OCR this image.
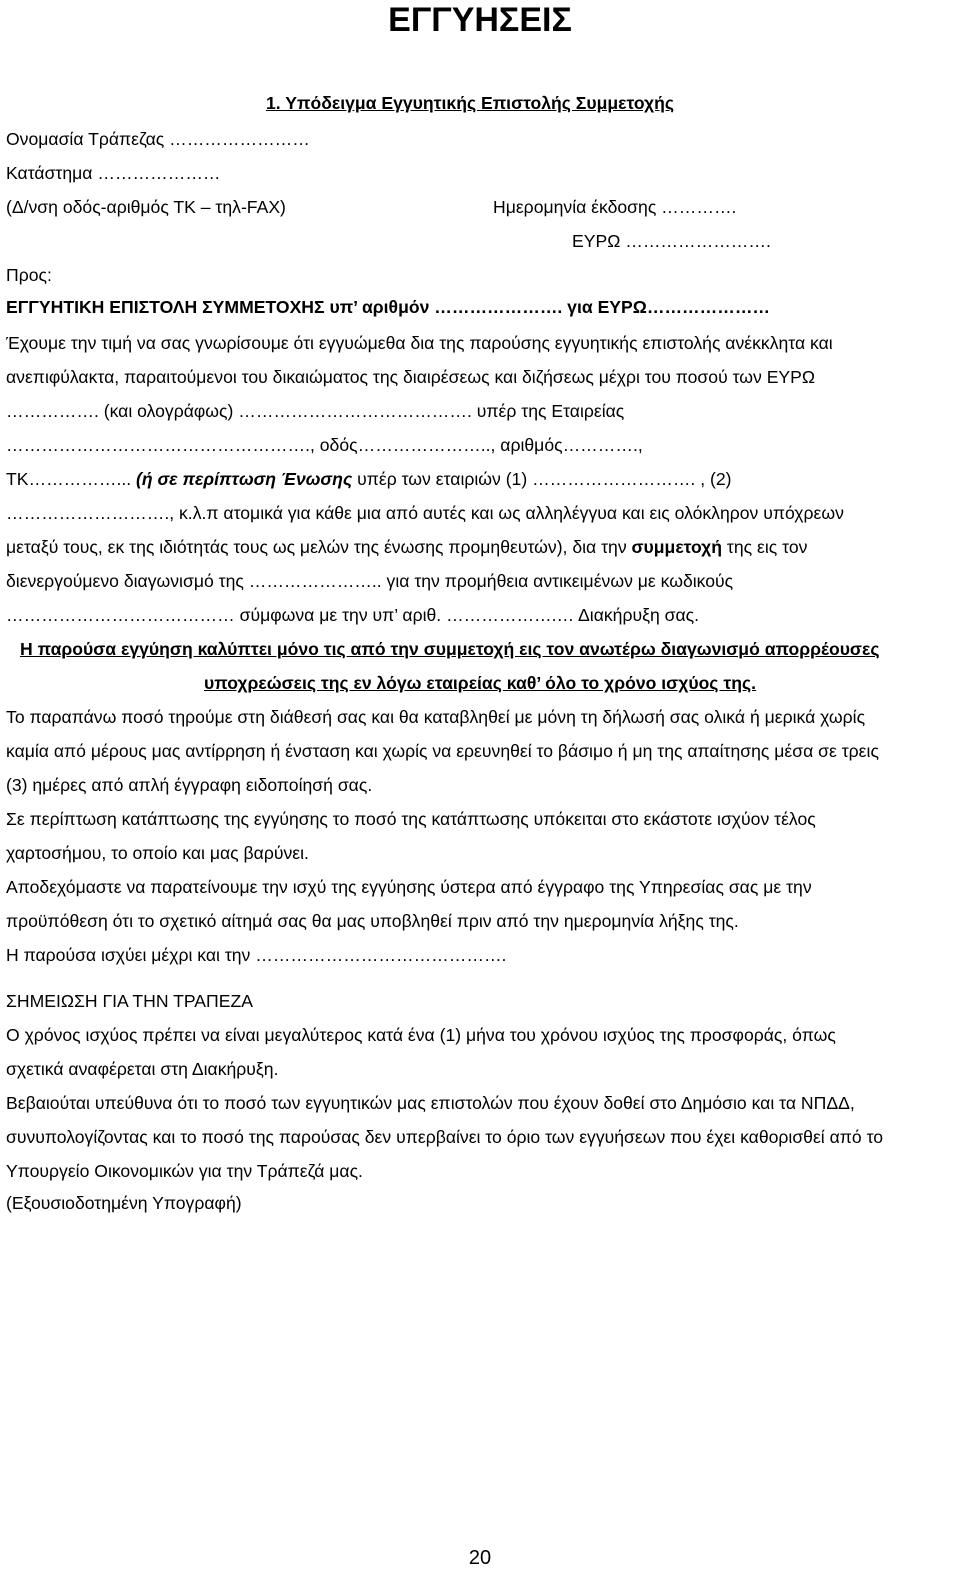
ΕΓΓΥΗΣΕΙΣ
1. Υπόδειγμα Εγγυητικής Επιστολής Συμμετοχής
Ονομασία Τράπεζας ……………………
Κατάστημα …………………
(Δ/νση οδός-αριθμός ΤΚ – τηλ-FAX)	Ημερομηνία έκδοσης ………….
ΕΥΡΩ …………………….
Προς:
ΕΓΓΥΗΤΙΚΗ ΕΠΙΣΤΟΛΗ ΣΥΜΜΕΤΟΧΗΣ υπ’ αριθμόν …………………. για ΕΥΡΩ…………………
Έχουμε την τιμή να σας γνωρίσουμε ότι εγγυώμεθα δια της παρούσης εγγυητικής επιστολής ανέκκλητα και
ανεπιφύλακτα, παραιτούμενοι του δικαιώματος της διαιρέσεως και διζήσεως μέχρι του ποσού των ΕΥΡΩ
……………. (και ολογράφως) …………………………………. υπέρ της Εταιρείας
……………………………………………., οδός………………….., αριθμός………….,
ΤΚ……………... (ή σε περίπτωση Ένωσης υπέρ των εταιριών (1) ………………………. , (2)
………………………., κ.λ.π ατομικά για κάθε μια από αυτές και ως αλληλέγγυα και εις ολόκληρον υπόχρεων
μεταξύ τους, εκ της ιδιότητάς τους ως μελών της ένωσης προμηθευτών), δια την συμμετοχή της εις τον
διενεργούμενο διαγωνισμό της ………………….. για την προμήθεια αντικειμένων με κωδικούς
………………………………… σύμφωνα με την υπ’ αριθ. ……………….… Διακήρυξη σας.
Η παρούσα εγγύηση καλύπτει μόνο τις από την συμμετοχή εις τον ανωτέρω διαγωνισμό απορρέουσες
υποχρεώσεις της εν λόγω εταιρείας καθ’ όλο το χρόνο ισχύος της.
Το παραπάνω ποσό τηρούμε στη διάθεσή σας και θα καταβληθεί με μόνη τη δήλωσή σας ολικά ή μερικά χωρίς
καμία από μέρους μας αντίρρηση ή ένσταση και χωρίς να ερευνηθεί το βάσιμο ή μη της απαίτησης μέσα σε τρεις
(3) ημέρες από απλή έγγραφη ειδοποίησή σας.
Σε περίπτωση κατάπτωσης της εγγύησης το ποσό της κατάπτωσης υπόκειται στο εκάστοτε ισχύον τέλος
χαρτοσήμου, το οποίο και μας βαρύνει.
Αποδεχόμαστε να παρατείνουμε την ισχύ της εγγύησης ύστερα από έγγραφο της Υπηρεσίας σας με την
προϋπόθεση ότι το σχετικό αίτημά σας θα μας υποβληθεί πριν από την ημερομηνία λήξης της.
Η παρούσα ισχύει μέχρι και την …………………………………….
ΣΗΜΕΙΩΣΗ ΓΙΑ ΤΗΝ ΤΡΑΠΕΖΑ
Ο χρόνος ισχύος πρέπει να είναι μεγαλύτερος κατά ένα (1) μήνα του χρόνου ισχύος της προσφοράς, όπως
σχετικά αναφέρεται στη Διακήρυξη.
Βεβαιούται υπεύθυνα ότι το ποσό των εγγυητικών μας επιστολών που έχουν δοθεί στο Δημόσιο και τα ΝΠΔΔ,
συνυπολογίζοντας και το ποσό της παρούσας δεν υπερβαίνει το όριο των εγγυήσεων που έχει καθορισθεί από το
Υπουργείο Οικονομικών για την Τράπεζά μας.
(Εξουσιοδοτημένη Υπογραφή)
20
